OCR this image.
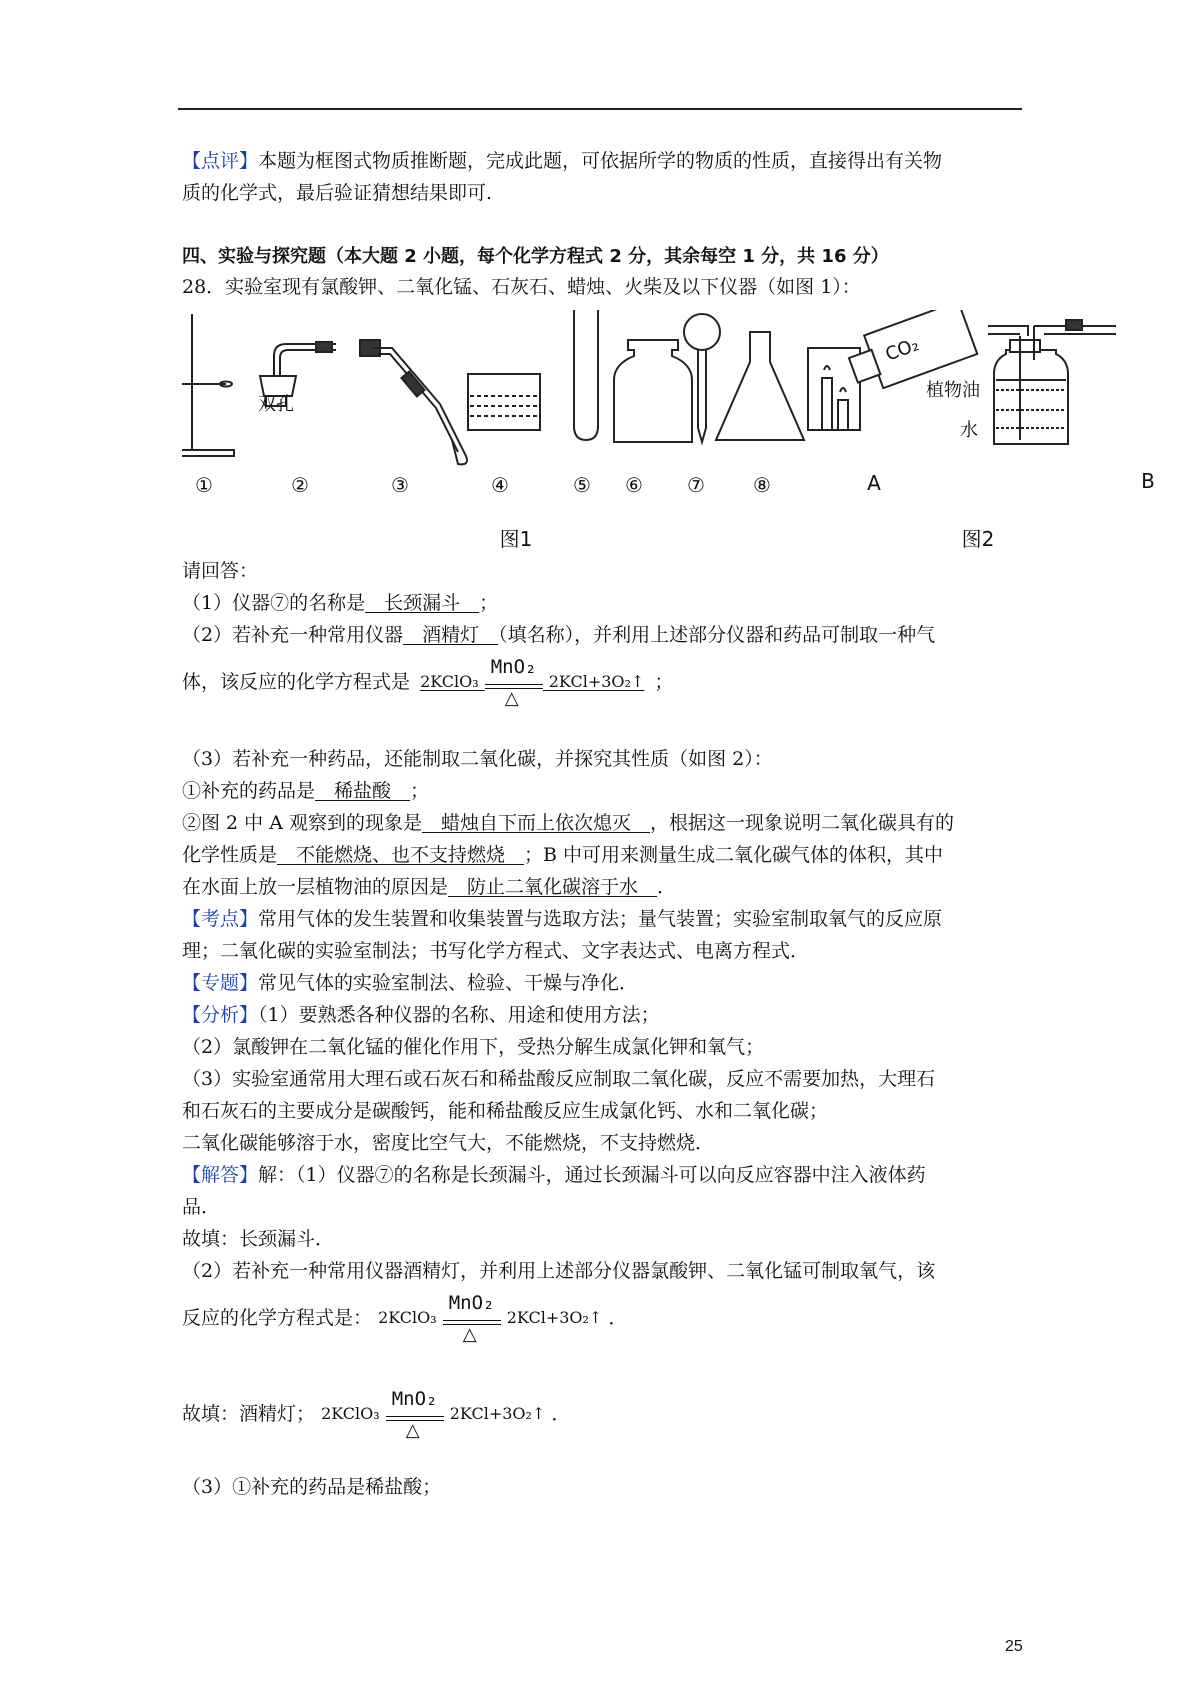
【点评】本题为框图式物质推断题，完成此题，可依据所学的物质的性质，直接得出有关物
质的化学式，最后验证猜想结果即可.
四、实验与探究题（本大题 2 小题，每个化学方程式 2 分，其余每空 1 分，共 16 分）
28．实验室现有氯酸钾、二氧化锰、石灰石、蜡烛、火柴及以下仪器（如图 1）：
双孔
CO₂
植物油
水
①	②	③	④	⑤ ⑥ ⑦ ⑧	A	B
图1	图2
请回答：
（1）仪器⑦的名称是　长颈漏斗　；
（2）若补充一种常用仪器　酒精灯　（填名称），并利用上述部分仪器和药品可制取一种气
体，该反应的化学方程式是 2KClO₃
MnO₂
△
2KCl+3O₂↑ ；
（3）若补充一种药品，还能制取二氧化碳，并探究其性质（如图 2）：
①补充的药品是　稀盐酸　；
②图 2 中 A 观察到的现象是　蜡烛自下而上依次熄灭　，根据这一现象说明二氧化碳具有的
化学性质是　不能燃烧、也不支持燃烧　；B 中可用来测量生成二氧化碳气体的体积，其中
在水面上放一层植物油的原因是　防止二氧化碳溶于水　．
【考点】常用气体的发生装置和收集装置与选取方法；量气装置；实验室制取氧气的反应原
理；二氧化碳的实验室制法；书写化学方程式、文字表达式、电离方程式．
【专题】常见气体的实验室制法、检验、干燥与净化．
【分析】（1）要熟悉各种仪器的名称、用途和使用方法；
（2）氯酸钾在二氧化锰的催化作用下，受热分解生成氯化钾和氧气；
（3）实验室通常用大理石或石灰石和稀盐酸反应制取二氧化碳，反应不需要加热，大理石
和石灰石的主要成分是碳酸钙，能和稀盐酸反应生成氯化钙、水和二氧化碳；
二氧化碳能够溶于水，密度比空气大，不能燃烧，不支持燃烧．
【解答】解：（1）仪器⑦的名称是长颈漏斗，通过长颈漏斗可以向反应容器中注入液体药
品．
故填：长颈漏斗．
（2）若补充一种常用仪器酒精灯，并利用上述部分仪器氯酸钾、二氧化锰可制取氧气，该
反应的化学方程式是： 2KClO₃
MnO₂
△
2KCl+3O₂↑ ．
故填：酒精灯； 2KClO₃
MnO₂
△
2KCl+3O₂↑ ．
（3）①补充的药品是稀盐酸；
25
